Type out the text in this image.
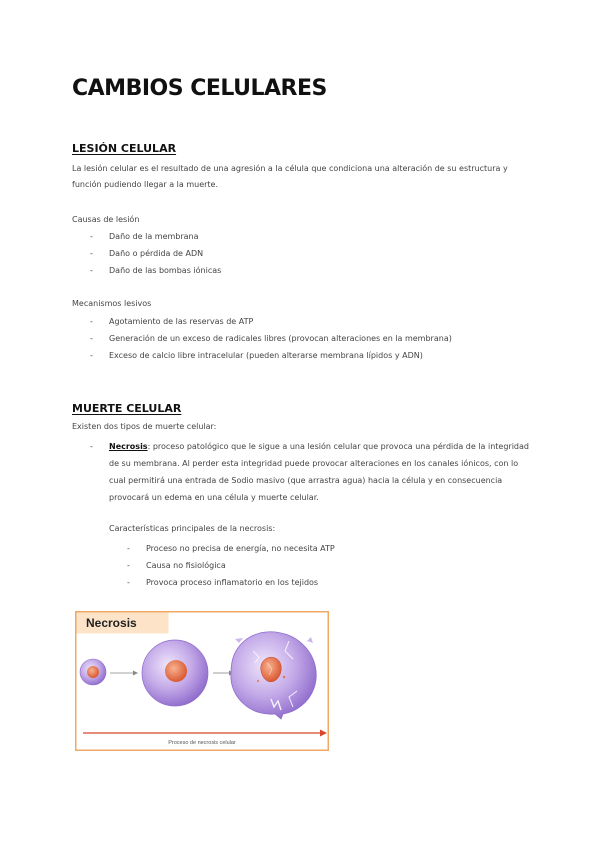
CAMBIOS CELULARES
LESIÓN CELULAR

La lesión celular es el resultado de una agresión a la célula que condiciona una alteración de su estructura y función pudiendo llegar a la muerte.

Causas de lesión

- Daño de la membrana
- Daño o pérdida de ADN
- Daño de las bombas iónicas

Mecanismos lesivos

- Agotamiento de las reservas de ATP
- Generación de un exceso de radicales libres (provocan alteraciones en la membrana)
- Exceso de calcio libre intracelular (pueden alterarse membrana lípidos y ADN)
MUERTE CELULAR

Existen dos tipos de muerte celular:

- Necrosis: proceso patológico que le sigue a una lesión celular que provoca una pérdida de la integridad de su membrana. Al perder esta integridad puede provocar alteraciones en los canales iónicos, con lo cual permitirá una entrada de Sodio masivo (que arrastra agua) hacia la célula y en consecuencia provocará un edema en una célula y muerte celular.

Características principales de la necrosis:

- Proceso no precisa de energía, no necesita ATP
- Causa no fisiológica
- Provoca proceso inflamatorio en los tejidos
Necrosis
Proceso de necrosis celular
